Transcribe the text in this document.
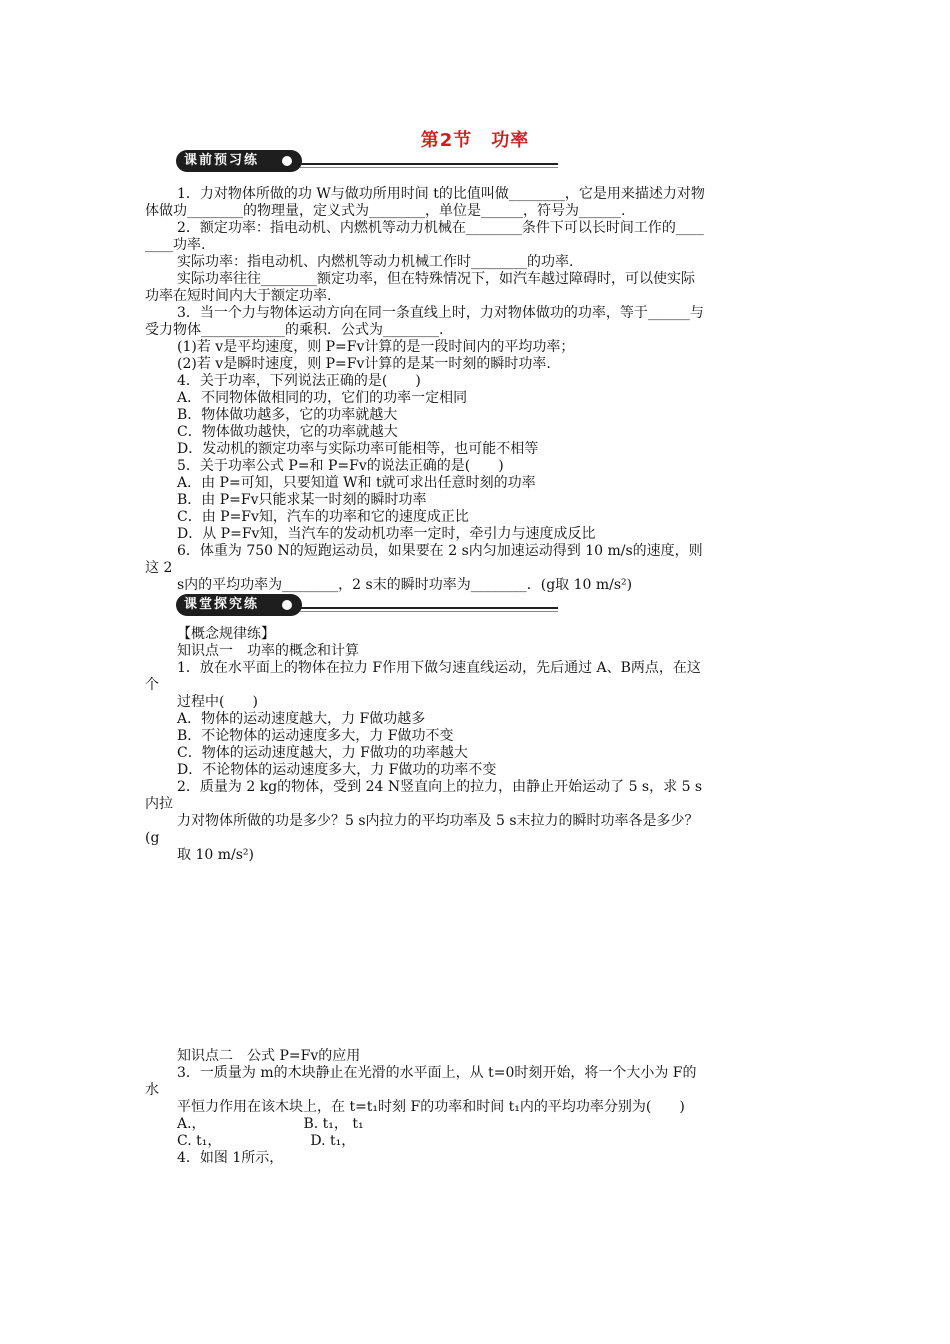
第2节　功率
课前预习练
1．力对物体所做的功 W与做功所用时间 t的比值叫做________，它是用来描述力对物
体做功________的物理量，定义式为________，单位是______，符号为______.
2．额定功率：指电动机、内燃机等动力机械在________条件下可以长时间工作的____
____功率.
实际功率：指电动机、内燃机等动力机械工作时________的功率.
实际功率往往________额定功率，但在特殊情况下，如汽车越过障碍时，可以使实际
功率在短时间内大于额定功率.
3．当一个力与物体运动方向在同一条直线上时，力对物体做功的功率，等于______与
受力物体____________的乘积．公式为________.
(1)若 v是平均速度，则 P=Fv计算的是一段时间内的平均功率；
(2)若 v是瞬时速度，则 P=Fv计算的是某一时刻的瞬时功率.
4．关于功率，下列说法正确的是(　　)
A．不同物体做相同的功，它们的功率一定相同
B．物体做功越多，它的功率就越大
C．物体做功越快，它的功率就越大
D．发动机的额定功率与实际功率可能相等，也可能不相等
5．关于功率公式 P=和 P=Fv的说法正确的是(　　)
A．由 P=可知，只要知道 W和 t就可求出任意时刻的功率
B．由 P=Fv只能求某一时刻的瞬时功率
C．由 P=Fv知，汽车的功率和它的速度成正比
D．从 P=Fv知，当汽车的发动机功率一定时，牵引力与速度成反比
6．体重为 750 N的短跑运动员，如果要在 2 s内匀加速运动得到 10 m/s的速度，则
这 2
s内的平均功率为________，2 s末的瞬时功率为________．(g取 10 m/s²)
课堂探究练
【概念规律练】
知识点一　功率的概念和计算
1．放在水平面上的物体在拉力 F作用下做匀速直线运动，先后通过 A、B两点，在这
个
过程中(　　)
A．物体的运动速度越大，力 F做功越多
B．不论物体的运动速度多大，力 F做功不变
C．物体的运动速度越大，力 F做功的功率越大
D．不论物体的运动速度多大，力 F做功的功率不变
2．质量为 2 kg的物体，受到 24 N竖直向上的拉力，由静止开始运动了 5 s，求 5 s
内拉
力对物体所做的功是多少？5 s内拉力的平均功率及 5 s末拉力的瞬时功率各是多少？
(g
取 10 m/s²)
知识点二　公式 P=Fv的应用
3．一质量为 m的木块静止在光滑的水平面上，从 t=0时刻开始，将一个大小为 F的
水
平恒力作用在该木块上，在 t=t₁时刻 F的功率和时间 t₁内的平均功率分别为(　　)
A.，                      B. t₁， t₁
C. t₁，                    D. t₁，
4．如图 1所示，
